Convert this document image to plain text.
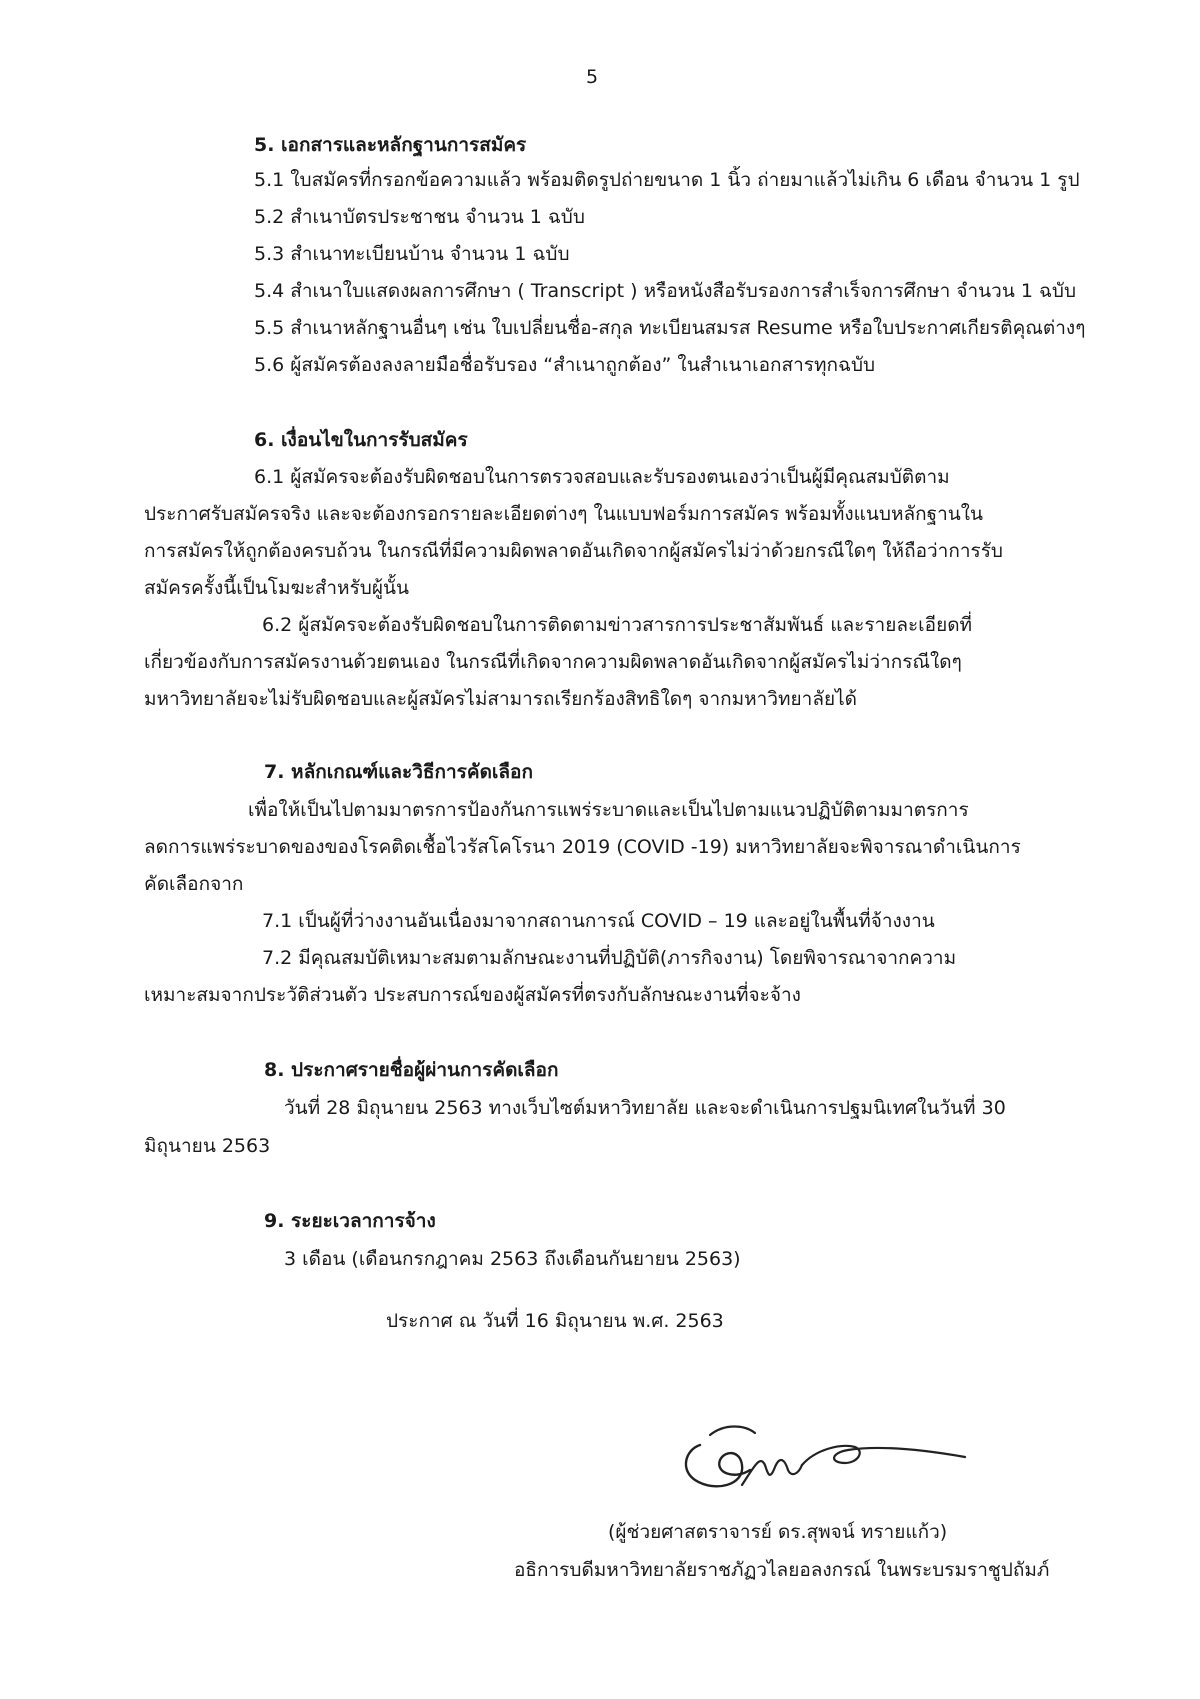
5
5. เอกสารและหลักฐานการสมัคร
5.1 ใบสมัครที่กรอกข้อความแล้ว พร้อมติดรูปถ่ายขนาด 1 นิ้ว ถ่ายมาแล้วไม่เกิน 6 เดือน จำนวน 1 รูป
5.2 สำเนาบัตรประชาชน จำนวน 1 ฉบับ
5.3 สำเนาทะเบียนบ้าน จำนวน 1 ฉบับ
5.4 สำเนาใบแสดงผลการศึกษา ( Transcript ) หรือหนังสือรับรองการสำเร็จการศึกษา จำนวน 1 ฉบับ
5.5 สำเนาหลักฐานอื่นๆ เช่น ใบเปลี่ยนชื่อ-สกุล ทะเบียนสมรส Resume หรือใบประกาศเกียรติคุณต่างๆ
5.6 ผู้สมัครต้องลงลายมือชื่อรับรอง “สำเนาถูกต้อง” ในสำเนาเอกสารทุกฉบับ
6. เงื่อนไขในการรับสมัคร
6.1 ผู้สมัครจะต้องรับผิดชอบในการตรวจสอบและรับรองตนเองว่าเป็นผู้มีคุณสมบัติตาม
ประกาศรับสมัครจริง และจะต้องกรอกรายละเอียดต่างๆ ในแบบฟอร์มการสมัคร พร้อมทั้งแนบหลักฐานใน
การสมัครให้ถูกต้องครบถ้วน ในกรณีที่มีความผิดพลาดอันเกิดจากผู้สมัครไม่ว่าด้วยกรณีใดๆ ให้ถือว่าการรับ
สมัครครั้งนี้เป็นโมฆะสำหรับผู้นั้น
6.2 ผู้สมัครจะต้องรับผิดชอบในการติดตามข่าวสารการประชาสัมพันธ์ และรายละเอียดที่
เกี่ยวข้องกับการสมัครงานด้วยตนเอง ในกรณีที่เกิดจากความผิดพลาดอันเกิดจากผู้สมัครไม่ว่ากรณีใดๆ
มหาวิทยาลัยจะไม่รับผิดชอบและผู้สมัครไม่สามารถเรียกร้องสิทธิใดๆ จากมหาวิทยาลัยได้
7. หลักเกณฑ์และวิธีการคัดเลือก
เพื่อให้เป็นไปตามมาตรการป้องกันการแพร่ระบาดและเป็นไปตามแนวปฏิบัติตามมาตรการ
ลดการแพร่ระบาดของของโรคติดเชื้อไวรัสโคโรนา 2019 (COVID -19) มหาวิทยาลัยจะพิจารณาดำเนินการ
คัดเลือกจาก
7.1 เป็นผู้ที่ว่างงานอันเนื่องมาจากสถานการณ์ COVID – 19 และอยู่ในพื้นที่จ้างงาน
7.2 มีคุณสมบัติเหมาะสมตามลักษณะงานที่ปฏิบัติ(ภารกิจงาน) โดยพิจารณาจากความ
เหมาะสมจากประวัติส่วนตัว ประสบการณ์ของผู้สมัครที่ตรงกับลักษณะงานที่จะจ้าง
8. ประกาศรายชื่อผู้ผ่านการคัดเลือก
วันที่ 28 มิถุนายน 2563 ทางเว็บไซต์มหาวิทยาลัย และจะดำเนินการปฐมนิเทศในวันที่ 30
มิถุนายน 2563
9. ระยะเวลาการจ้าง
3 เดือน (เดือนกรกฎาคม 2563 ถึงเดือนกันยายน 2563)
ประกาศ ณ วันที่ 16 มิถุนายน พ.ศ. 2563
(ผู้ช่วยศาสตราจารย์ ดร.สุพจน์ ทรายแก้ว)
อธิการบดีมหาวิทยาลัยราชภัฏวไลยอลงกรณ์ ในพระบรมราชูปถัมภ์
